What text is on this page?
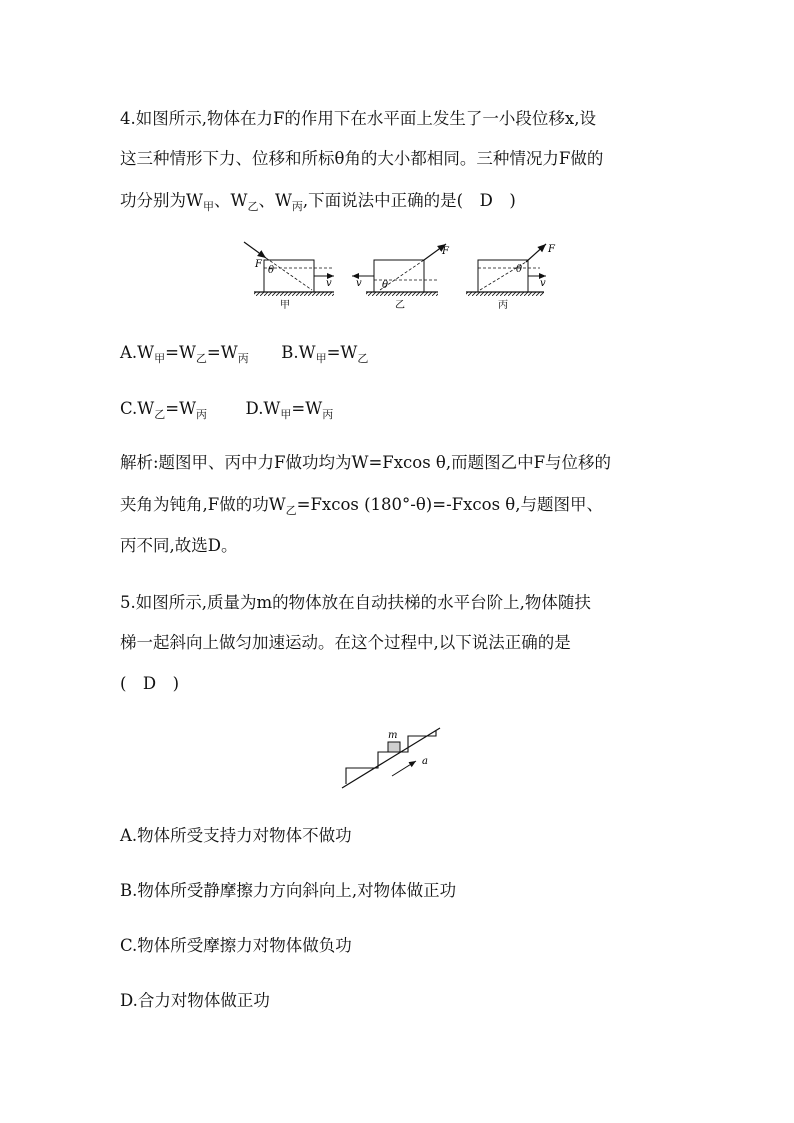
4.如图所示,物体在力F的作用下在水平面上发生了一小段位移x,设
这三种情形下力、位移和所标θ角的大小都相同。三种情况力F做的
功分别为$W_甲$、$W_乙$、$W_丙$,下面说法中正确的是(　D　)
F
θ
v
甲
v θ
F
乙
θ
F
v
丙
$A.W_甲=W_乙=W_丙$ $B.W_甲=W_乙$
$C.W_乙=W_丙$ $D.W_甲=W_丙$
解析:题图甲、丙中力F做功均为W=Fxcos θ,而题图乙中F与位移的
夹角为钝角,F做的功$W_乙=Fxcos$ (180°-θ)=-Fxcos θ,与题图甲、
丙不同,故选D。
5.如图所示,质量为m的物体放在自动扶梯的水平台阶上,物体随扶
梯一起斜向上做匀加速运动。在这个过程中,以下说法正确的是
(　D　)
m
a
A.物体所受支持力对物体不做功
B.物体所受静摩擦力方向斜向上,对物体做正功
C.物体所受摩擦力对物体做负功
D.合力对物体做正功
